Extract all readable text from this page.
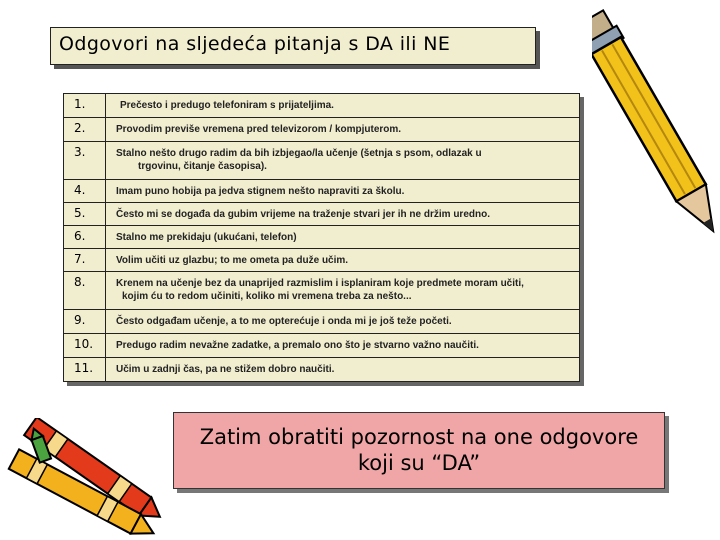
Odgovori na sljedeća pitanja s DA ili NE
1.	Prečesto i predugo telefoniram s prijateljima.
2.	Provodim previše vremena pred televizorom / kompjuterom.
3.	Stalno nešto drugo radim da bih izbjegao/la učenje (šetnja s psom, odlazak u
trgovinu, čitanje časopisa).

4.	Imam puno hobija pa jedva stignem nešto napraviti za školu.
5.	Često mi se događa da gubim vrijeme na traženje stvari jer ih ne držim uredno.
6.	Stalno me prekidaju (ukućani, telefon)
7.	Volim učiti uz glazbu; to me ometa pa duže učim.
8.	Krenem na učenje bez da unaprijed razmislim i isplaniram koje predmete moram učiti,
kojim ću to redom učiniti, koliko mi vremena treba za nešto...

9.	Često odgađam učenje, a to me opterećuje i onda mi je još teže početi.
10.	Predugo radim nevažne zadatke, a premalo ono što je stvarno važno naučiti.
11.	Učim u zadnji čas, pa ne stižem dobro naučiti.
Zatim obratiti pozornost na one odgovore
koji su “DA”
